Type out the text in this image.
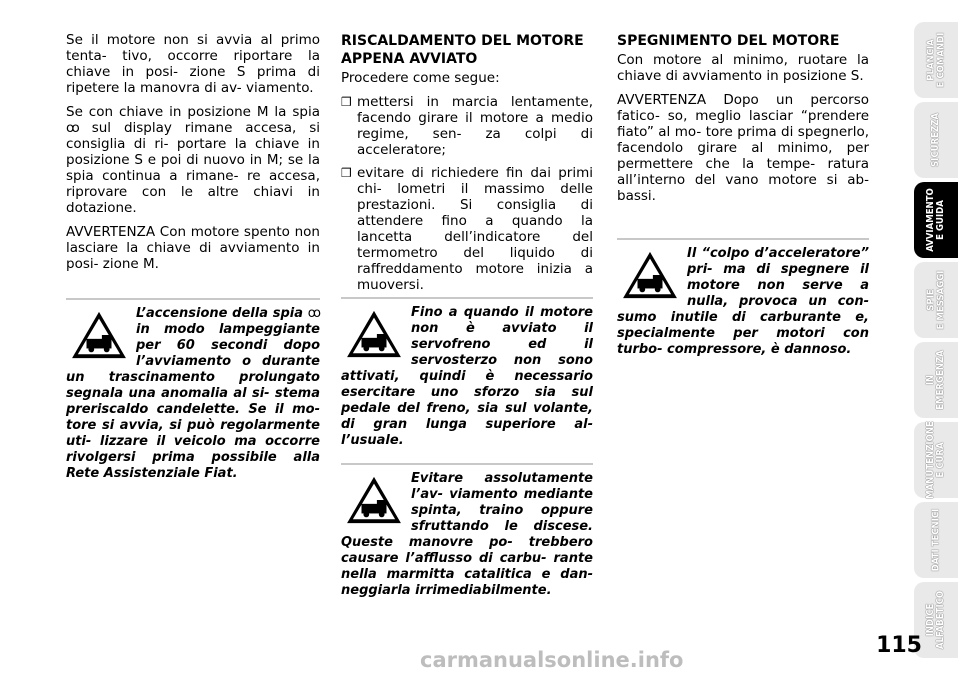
Se il motore non si avvia al primo tenta- tivo, occorre riportare la chiave in posi- zione S prima di ripetere la manovra di av- viamento.

Se con chiave in posizione M la spia ꝏ sul display rimane accesa, si consiglia di ri- portare la chiave in posizione S e poi di nuovo in M; se la spia continua a rimane- re accesa, riprovare con le altre chiavi in dotazione.

AVVERTENZA Con motore spento non lasciare la chiave di avviamento in posi- zione M.

L’accensione della spia ꝏ in modo lampeggiante per 60 secondi dopo l’avviamento o durante un trascinamento prolungato segnala una anomalia al si- stema preriscaldo candelette. Se il mo- tore si avvia, si può regolarmente uti- lizzare il veicolo ma occorre rivolgersi prima possibile alla Rete Assistenziale Fiat.
RISCALDAMENTO DEL MOTORE APPENA AVVIATO

Procedere come segue:

❒ mettersi in marcia lentamente, facendo girare il motore a medio regime, sen- za colpi di acceleratore;
❒ evitare di richiedere fin dai primi chi- lometri il massimo delle prestazioni. Si consiglia di attendere fino a quando la lancetta dell’indicatore del termometro del liquido di raffreddamento motore inizia a muoversi.
Fino a quando il motore non è avviato il servofreno ed il servosterzo non sono attivati, quindi è necessario esercitare uno sforzo sia sul pedale del freno, sia sul volante, di gran lunga superiore al- l’usuale.
Evitare assolutamente l’av- viamento mediante spinta, traino oppure sfruttando le discese. Queste manovre po- trebbero causare l’afflusso di carbu- rante nella marmitta catalitica e dan- neggiarla irrimediabilmente.
SPEGNIMENTO DEL MOTORE

Con motore al minimo, ruotare la chiave di avviamento in posizione S.

AVVERTENZA Dopo un percorso fatico- so, meglio lasciar “prendere fiato” al mo- tore prima di spegnerlo, facendolo girare al minimo, per permettere che la tempe- ratura all’interno del vano motore si ab- bassi.

Il “colpo d’acceleratore” pri- ma di spegnere il motore non serve a nulla, provoca un con- sumo inutile di carburante e, specialmente per motori con turbo- compressore, è dannoso.
PLANCIA
E COMANDI
SICUREZZA
AVVIAMENTO
E GUIDA
SPIE
E MESSAGGI
IN
EMERGENZA
MANUTENZIONE
E CURA
DATI TECNICI
INDICE
ALFABETICO
115
carmanualsonline.info
